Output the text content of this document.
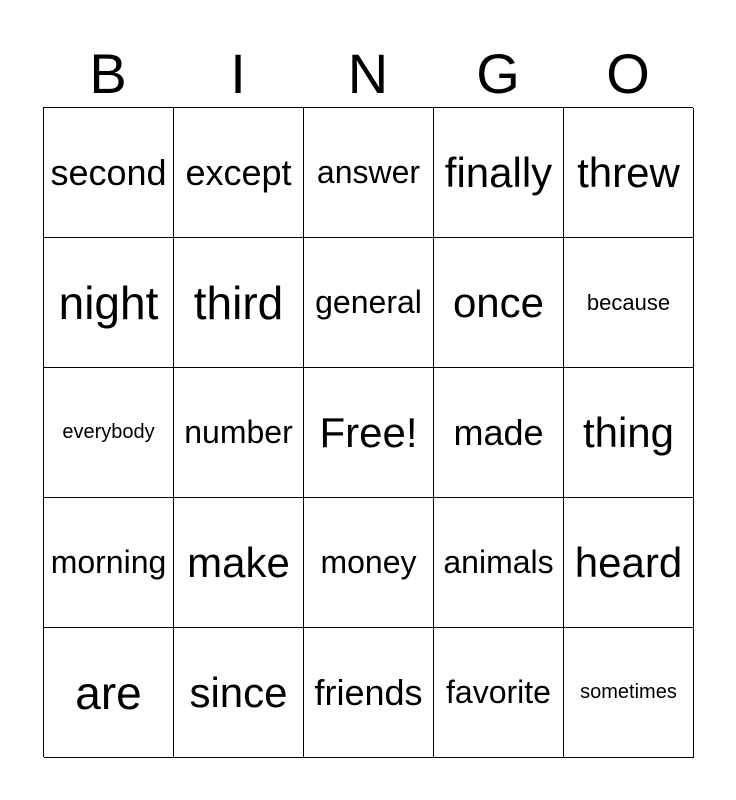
B	I	N	G	O
second except answer finally threw
night third general once	because
everybody number Free! made thing
morning make money animals heard
are	since friends favorite	sometimes
